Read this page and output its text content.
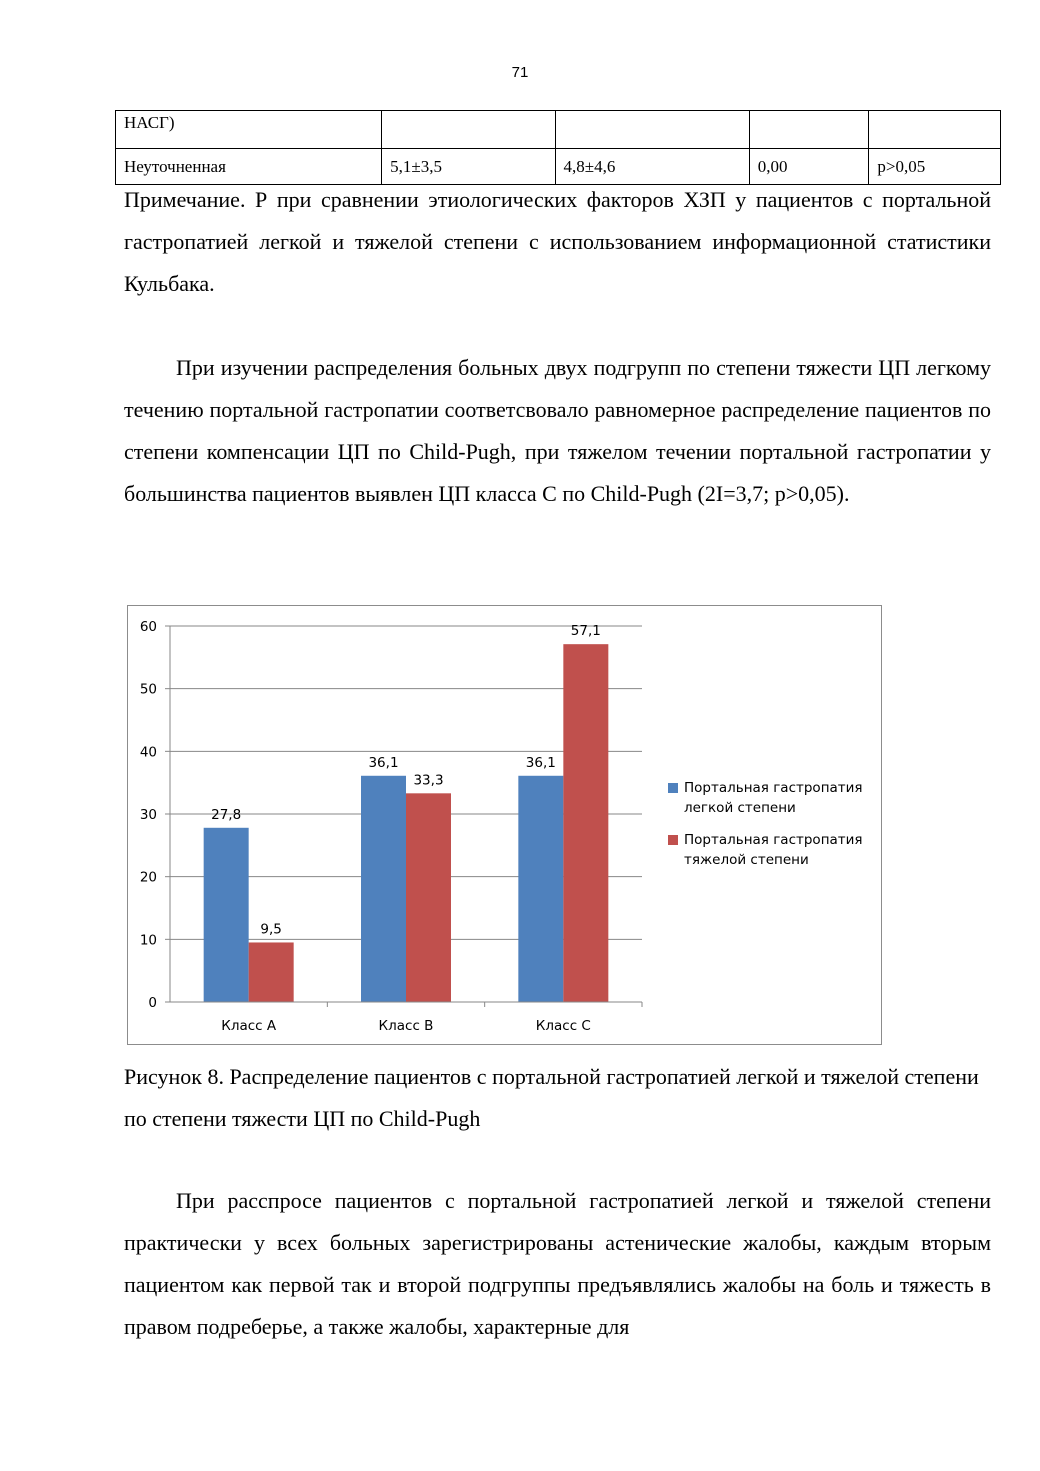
71
НАСГ)				
Неуточненная	5,1±3,5	4,8±4,6	0,00	p>0,05
Примечание. Р при сравнении этиологических факторов ХЗП у пациентов с портальной гастропатией легкой и тяжелой степени с использованием информационной статистики Кульбака.
При изучении распределения больных двух подгрупп по степени тяжести ЦП легкому течению портальной гастропатии соответсвовало равномерное распределение пациентов по степени компенсации ЦП по Child-Pugh, при тяжелом течении портальной гастропатии у большинства пациентов выявлен ЦП класса С по Child-Pugh (2I=3,7; p>0,05).
0
10
20
30
40
50
60
Класс А
27,8
9,5
Класс В
36,1
33,3
Класс С
36,1
57,1
Портальная гастропатия легкой степени
Портальная гастропатия тяжелой степени
Рисунок 8. Распределение пациентов с портальной гастропатией легкой и тяжелой степени по степени тяжести ЦП по Child-Pugh
При расспросе пациентов с портальной гастропатией легкой и тяжелой степени практически у всех больных зарегистрированы астенические жалобы, каждым вторым пациентом как первой так и второй подгруппы предъявлялись жалобы на боль и тяжесть в правом подреберье, а также жалобы, характерные для
